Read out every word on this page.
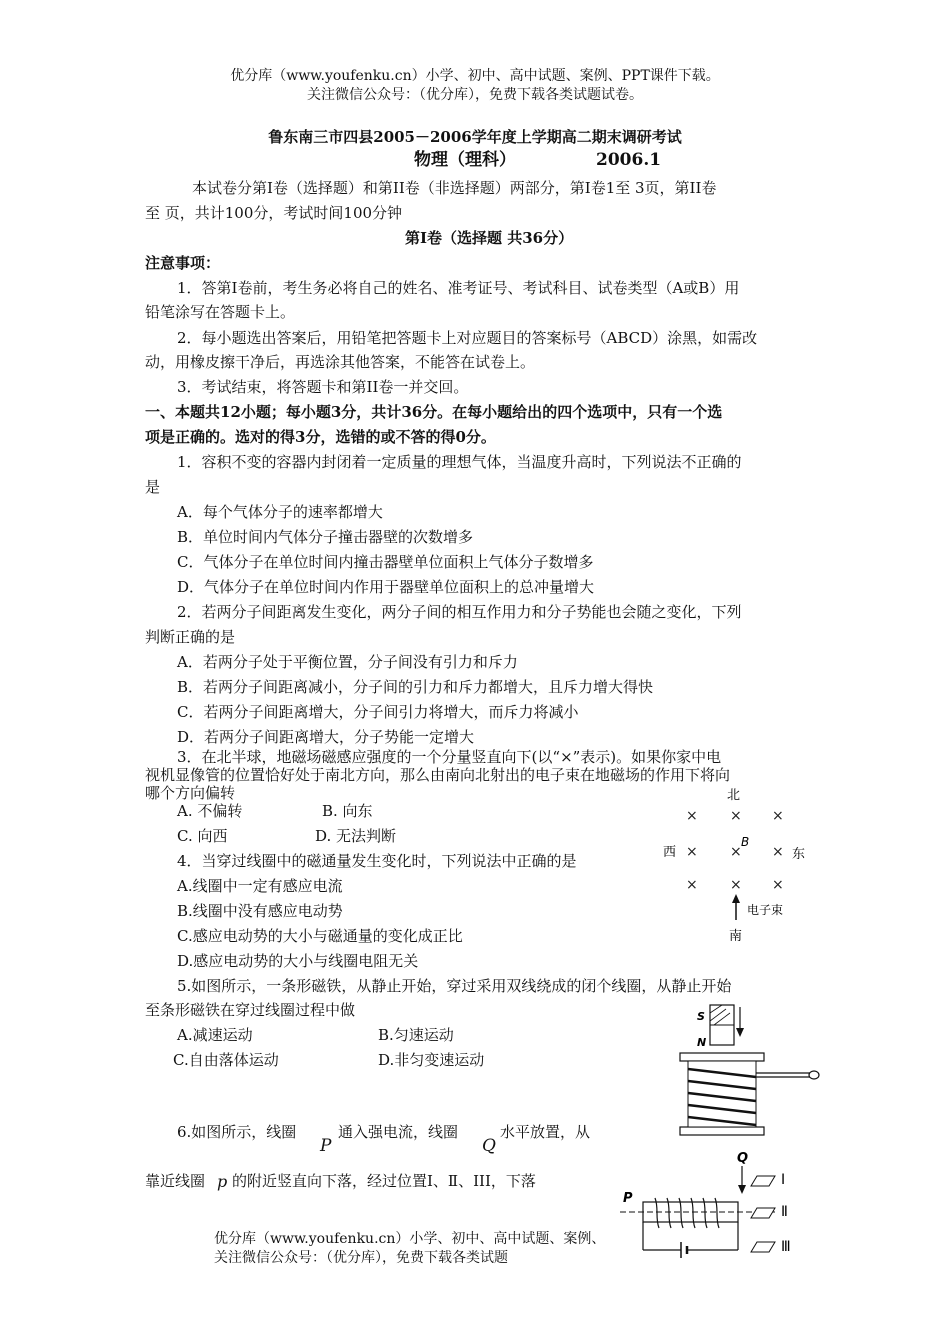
优分库（www.youfenku.cn）小学、初中、高中试题、案例、PPT课件下载。
关注微信公众号：（优分库），免费下载各类试题试卷。
鲁东南三市四县2005－2006学年度上学期高二期末调研考试
物理（理科）	2006.1
本试卷分第Ⅰ卷（选择题）和第II卷（非选择题）两部分，第Ⅰ卷1至 3页，第II卷
至 页，共计100分，考试时间100分钟
第Ⅰ卷（选择题 共36分）
注意事项：
1．答第Ⅰ卷前，考生务必将自己的姓名、准考证号、考试科目、试卷类型（A或B）用
铅笔涂写在答题卡上。
2．每小题选出答案后，用铅笔把答题卡上对应题目的答案标号（ABCD）涂黑，如需改
动，用橡皮擦干净后，再选涂其他答案，不能答在试卷上。
3．考试结束，将答题卡和第II卷一并交回。
一、本题共12小题；每小题3分，共计36分。在每小题给出的四个选项中，只有一个选
项是正确的。选对的得3分，选错的或不答的得0分。
1．容积不变的容器内封闭着一定质量的理想气体，当温度升高时，下列说法不正确的
是
A．每个气体分子的速率都增大
B．单位时间内气体分子撞击器壁的次数增多
C．气体分子在单位时间内撞击器壁单位面积上气体分子数增多
D．气体分子在单位时间内作用于器壁单位面积上的总冲量增大
2．若两分子间距离发生变化，两分子间的相互作用力和分子势能也会随之变化，下列
判断正确的是
A．若两分子处于平衡位置，分子间没有引力和斥力
B．若两分子间距离减小，分子间的引力和斥力都增大，且斥力增大得快
C．若两分子间距离增大，分子间引力将增大，而斥力将减小
D．若两分子间距离增大，分子势能一定增大
3．在北半球，地磁场磁感应强度的一个分量竖直向下(以“×”表示)。如果你家中电
视机显像管的位置恰好处于南北方向，那么由南向北射出的电子束在地磁场的作用下将向
哪个方向偏转
A. 不偏转	B. 向东
C. 向西	D. 无法判断
4．当穿过线圈中的磁通量发生变化时，下列说法中正确的是
A.线圈中一定有感应电流
B.线圈中没有感应电动势
C.感应电动势的大小与磁通量的变化成正比
D.感应电动势的大小与线圈电阻无关
5.如图所示，一条形磁铁，从静止开始，穿过采用双线绕成的闭个线圈，从静止开始
至条形磁铁在穿过线圈过程中做
A.减速运动	B.匀速运动
C.自由落体运动	D.非匀变速运动
6.如图所示，线圈
P
通入强电流，线圈
Q
水平放置，从
靠近线圈 p 的附近竖直向下落，经过位置Ⅰ、Ⅱ、III，下落
北
× × ×
× × ×
× × ×
B
西	东
电子束
南
S
N
Q
Ⅰ
P
Ⅱ
Ⅲ
优分库（www.youfenku.cn）小学、初中、高中试题、案例、
关注微信公众号：（优分库），免费下载各类试题
